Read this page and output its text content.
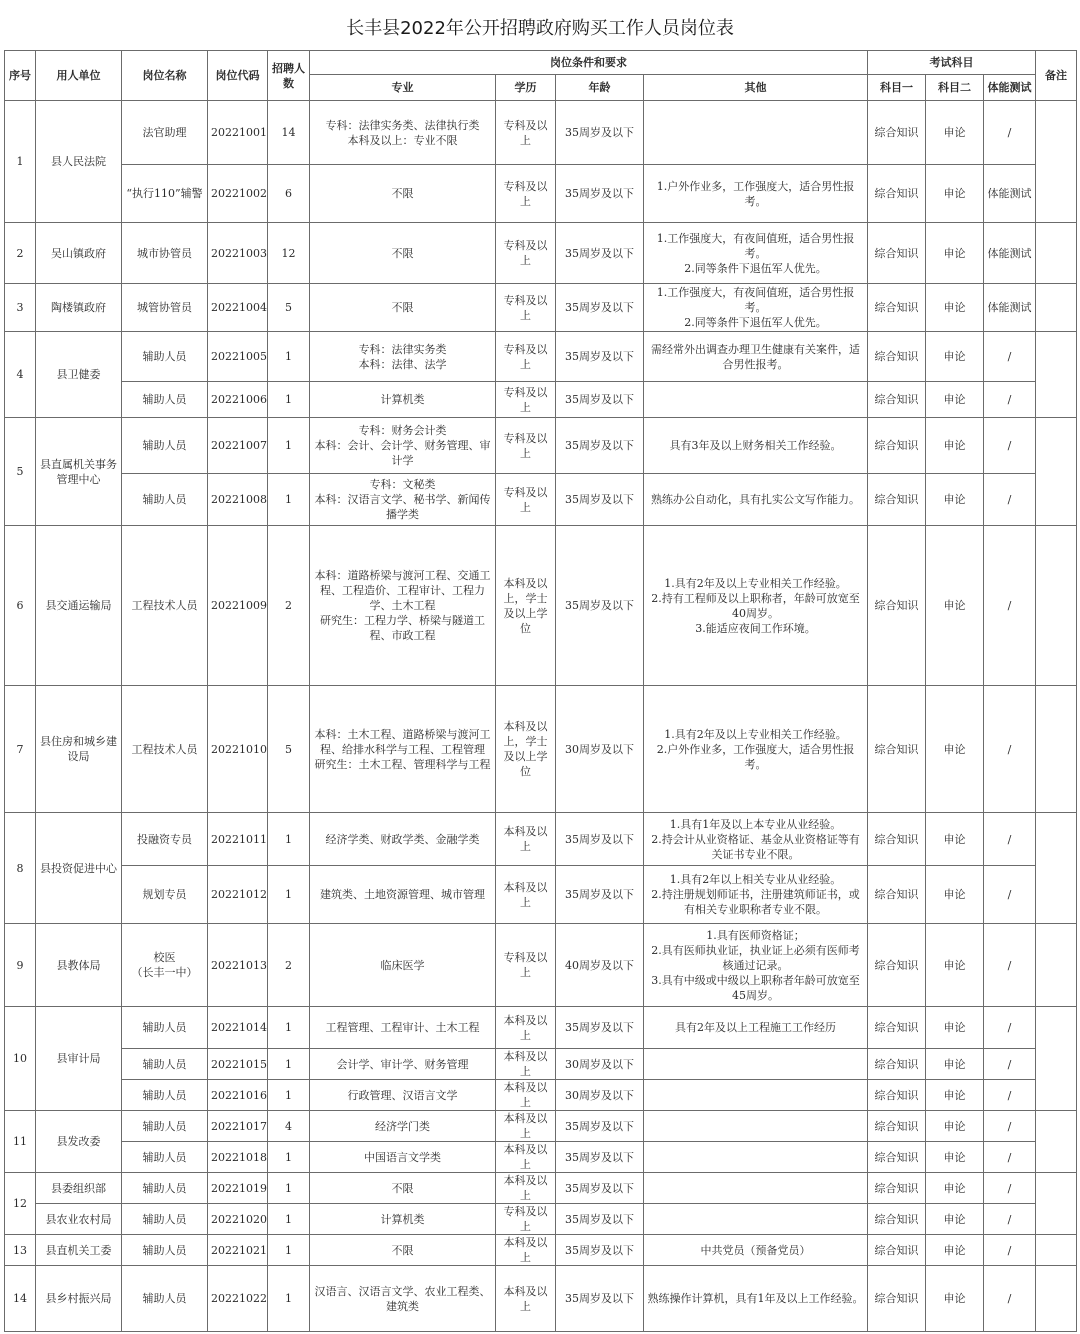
长丰县2022年公开招聘政府购买工作人员岗位表
序号	用人单位	岗位名称	岗位代码	招聘人数	岗位条件和要求				考试科目			备注
					专业	学历	年龄	其他	科目一	科目二	体能测试	
1	县人民法院	法官助理	20221001	14	专科：法律实务类、法律执行类
本科及以上：专业不限	专科及以上	35周岁及以下		综合知识	申论	/	
		“执行110”辅警	20221002	6	不限	专科及以上	35周岁及以下	1.户外作业多，工作强度大，适合男性报考。	综合知识	申论	体能测试	
2	吴山镇政府	城市协管员	20221003	12	不限	专科及以上	35周岁及以下	1.工作强度大，有夜间值班，适合男性报考。
2.同等条件下退伍军人优先。	综合知识	申论	体能测试	
3	陶楼镇政府	城管协管员	20221004	5	不限	专科及以上	35周岁及以下	1.工作强度大，有夜间值班，适合男性报考。
2.同等条件下退伍军人优先。	综合知识	申论	体能测试	
4	县卫健委	辅助人员	20221005	1	专科：法律实务类
本科：法律、法学	专科及以上	35周岁及以下	需经常外出调查办理卫生健康有关案件，适合男性报考。	综合知识	申论	/	
		辅助人员	20221006	1	计算机类	专科及以上	35周岁及以下		综合知识	申论	/	
5	县直属机关事务管理中心	辅助人员	20221007	1	专科：财务会计类
本科：会计、会计学、财务管理、审计学	专科及以上	35周岁及以下	具有3年及以上财务相关工作经验。	综合知识	申论	/	
		辅助人员	20221008	1	专科：文秘类
本科：汉语言文学、秘书学、新闻传播学类	专科及以上	35周岁及以下	熟练办公自动化，具有扎实公文写作能力。	综合知识	申论	/	
6	县交通运输局	工程技术人员	20221009	2	本科：道路桥梁与渡河工程、交通工程、工程造价、工程审计、工程力学、土木工程
研究生：工程力学、桥梁与隧道工程、市政工程	本科及以上，学士及以上学位	35周岁及以下	1.具有2年及以上专业相关工作经验。
2.持有工程师及以上职称者，年龄可放宽至40周岁。
3.能适应夜间工作环境。	综合知识	申论	/	
7	县住房和城乡建设局	工程技术人员	20221010	5	本科：土木工程、道路桥梁与渡河工程、给排水科学与工程、工程管理
研究生：土木工程、管理科学与工程	本科及以上，学士及以上学位	30周岁及以下	1.具有2年及以上专业相关工作经验。
2.户外作业多，工作强度大，适合男性报考。	综合知识	申论	/	
8	县投资促进中心	投融资专员	20221011	1	经济学类、财政学类、金融学类	本科及以上	35周岁及以下	1.具有1年及以上本专业从业经验。
2.持会计从业资格证、基金从业资格证等有关证书专业不限。	综合知识	申论	/	
		规划专员	20221012	1	建筑类、土地资源管理、城市管理	本科及以上	35周岁及以下	1.具有2年以上相关专业从业经验。
2.持注册规划师证书，注册建筑师证书，或有相关专业职称者专业不限。	综合知识	申论	/	
9	县教体局	校医
（长丰一中）	20221013	2	临床医学	专科及以上	40周岁及以下	1.具有医师资格证；
2.具有医师执业证，执业证上必须有医师考核通过记录。
3.具有中级或中级以上职称者年龄可放宽至45周岁。	综合知识	申论	/	
10	县审计局	辅助人员	20221014	1	工程管理、工程审计、土木工程	本科及以上	35周岁及以下	具有2年及以上工程施工工作经历	综合知识	申论	/	
		辅助人员	20221015	1	会计学、审计学、财务管理	本科及以上	30周岁及以下		综合知识	申论	/	
		辅助人员	20221016	1	行政管理、汉语言文学	本科及以上	30周岁及以下		综合知识	申论	/	
11	县发改委	辅助人员	20221017	4	经济学门类	本科及以上	35周岁及以下		综合知识	申论	/	
		辅助人员	20221018	1	中国语言文学类	本科及以上	35周岁及以下		综合知识	申论	/	
12	县委组织部	辅助人员	20221019	1	不限	本科及以上	35周岁及以下		综合知识	申论	/	
	县农业农村局	辅助人员	20221020	1	计算机类	专科及以上	35周岁及以下		综合知识	申论	/	
13	县直机关工委	辅助人员	20221021	1	不限	本科及以上	35周岁及以下	中共党员（预备党员）	综合知识	申论	/	
14	县乡村振兴局	辅助人员	20221022	1	汉语言、汉语言文学、农业工程类、建筑类	本科及以上	35周岁及以下	熟练操作计算机，具有1年及以上工作经验。	综合知识	申论	/	
